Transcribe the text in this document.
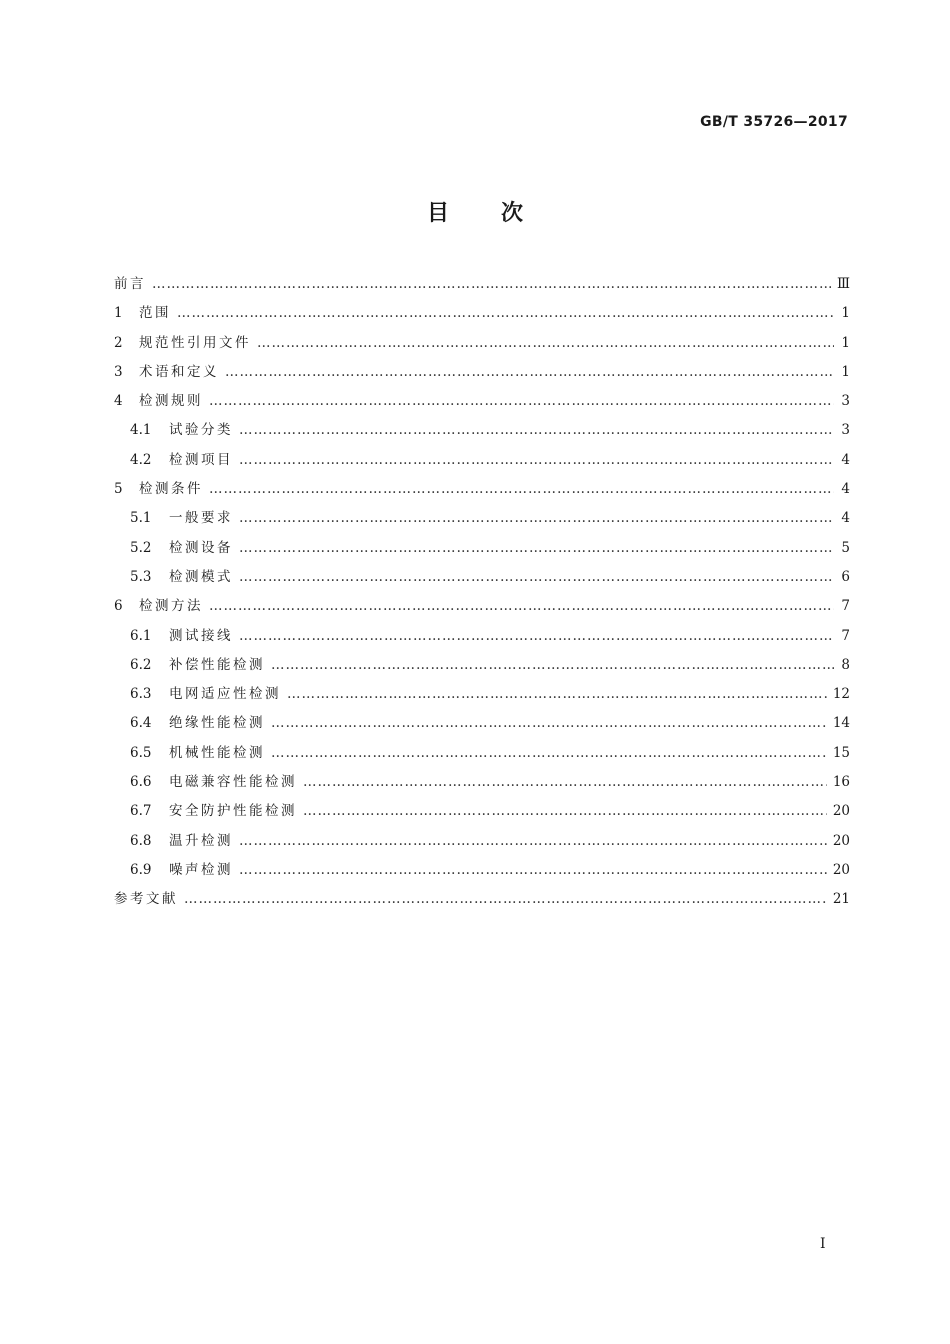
GB/T 35726—2017
目次
前言 ……………………………………………………………………………………………………………………………………………………………………………………………………	Ⅲ
1	范围 ……………………………………………………………………………………………………………………………………………………………………………………………………	1
2	规范性引用文件 ……………………………………………………………………………………………………………………………………………………………………………………………………	1
3	术语和定义 ……………………………………………………………………………………………………………………………………………………………………………………………………	1
4	检测规则 ……………………………………………………………………………………………………………………………………………………………………………………………………	3
4.1	试验分类 ……………………………………………………………………………………………………………………………………………………………………………………………………	3
4.2	检测项目 ……………………………………………………………………………………………………………………………………………………………………………………………………	4
5	检测条件 ……………………………………………………………………………………………………………………………………………………………………………………………………	4
5.1	一般要求 ……………………………………………………………………………………………………………………………………………………………………………………………………	4
5.2	检测设备 ……………………………………………………………………………………………………………………………………………………………………………………………………	5
5.3	检测模式 ……………………………………………………………………………………………………………………………………………………………………………………………………	6
6	检测方法 ……………………………………………………………………………………………………………………………………………………………………………………………………	7
6.1	测试接线 ……………………………………………………………………………………………………………………………………………………………………………………………………	7
6.2	补偿性能检测 ……………………………………………………………………………………………………………………………………………………………………………………………………	8
6.3	电网适应性检测 ……………………………………………………………………………………………………………………………………………………………………………………………………	12
6.4	绝缘性能检测 ……………………………………………………………………………………………………………………………………………………………………………………………………	14
6.5	机械性能检测 ……………………………………………………………………………………………………………………………………………………………………………………………………	15
6.6	电磁兼容性能检测 ……………………………………………………………………………………………………………………………………………………………………………………………………	16
6.7	安全防护性能检测 ……………………………………………………………………………………………………………………………………………………………………………………………………	20
6.8	温升检测 ……………………………………………………………………………………………………………………………………………………………………………………………………	20
6.9	噪声检测 ……………………………………………………………………………………………………………………………………………………………………………………………………	20
参考文献 ……………………………………………………………………………………………………………………………………………………………………………………………………	21
I
